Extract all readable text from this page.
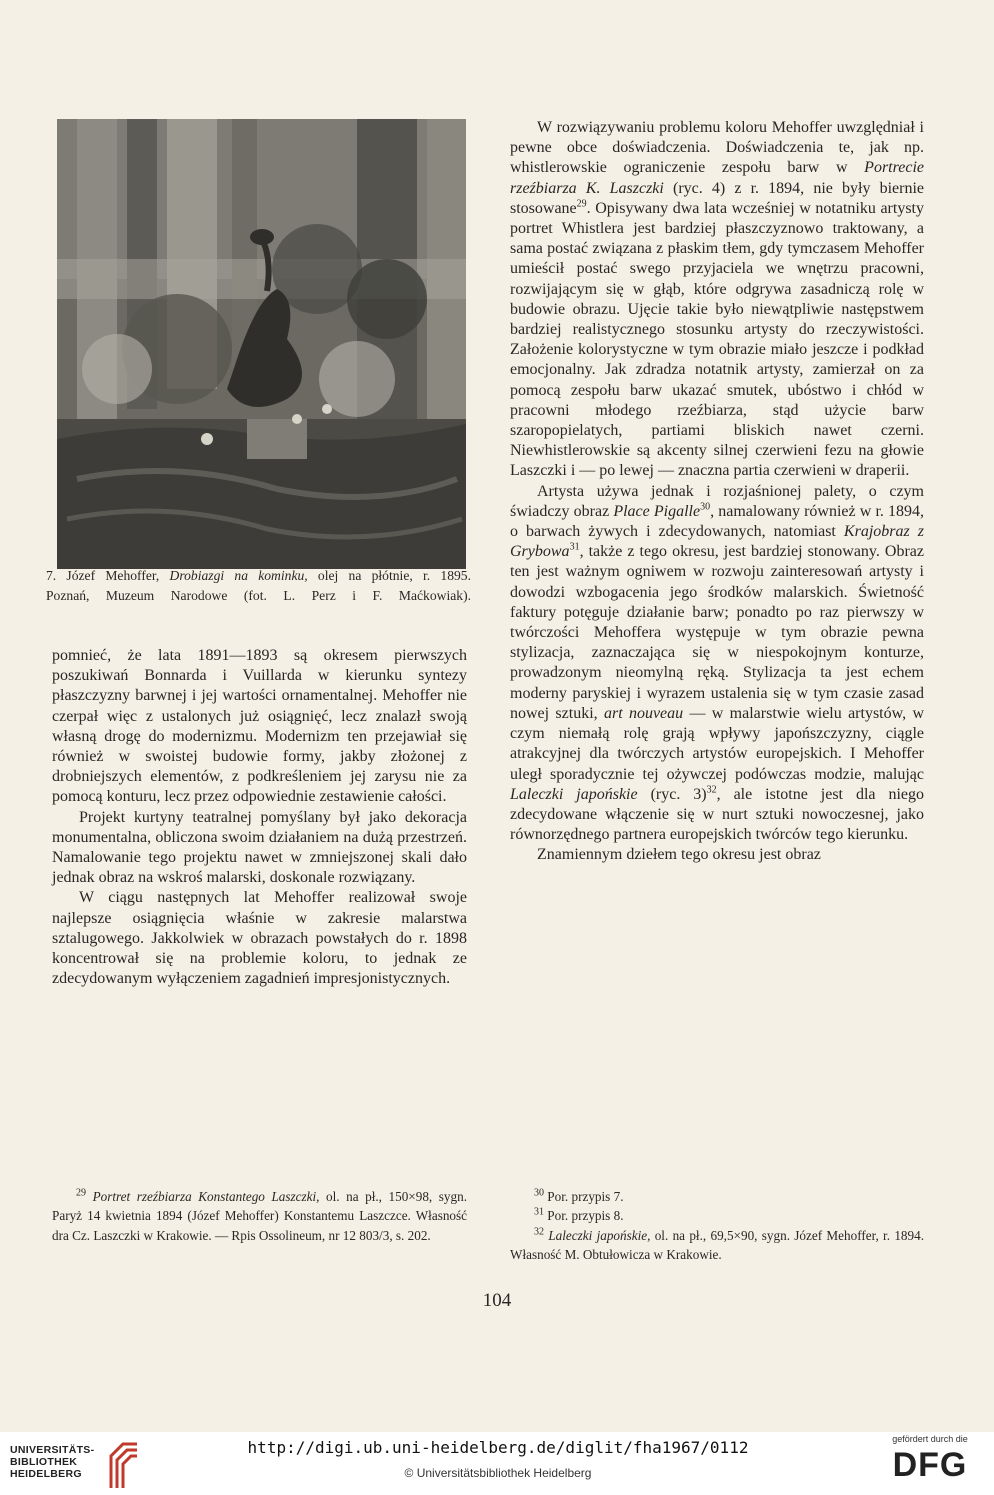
7. Józef Mehoffer, Drobiazgi na kominku, olej na płótnie, r. 1895.
Poznań, Muzeum Narodowe (fot. L. Perz i F. Maćkowiak).

pomnieć, że lata 1891—1893 są okresem pierwszych poszukiwań Bonnarda i Vuillarda w kierunku syntezy płaszczyzny barwnej i jej wartości ornamentalnej. Mehoffer nie czerpał więc z ustalonych już osiągnięć, lecz znalazł swoją własną drogę do modernizmu. Modernizm ten przejawiał się również w swoistej budowie formy, jakby złożonej z drobniejszych elementów, z podkreśleniem jej zarysu nie za pomocą konturu, lecz przez odpowiednie zestawienie całości.

Projekt kurtyny teatralnej pomyślany był jako dekoracja monumentalna, obliczona swoim działaniem na dużą przestrzeń. Namalowanie tego projektu nawet w zmniejszonej skali dało jednak obraz na wskroś malarski, doskonale rozwiązany.

W ciągu następnych lat Mehoffer realizował swoje najlepsze osiągnięcia właśnie w zakresie malarstwa sztalugowego. Jakkolwiek w obrazach powstałych do r. 1898 koncentrował się na problemie koloru, to jednak ze zdecydowanym wyłączeniem zagadnień impresjonistycznych.

W rozwiązywaniu problemu koloru Mehoffer uwzględniał i pewne obce doświadczenia. Doświadczenia te, jak np. whistlerowskie ograniczenie zespołu barw w Portrecie rzeźbiarza K. Laszczki (ryc. 4) z r. 1894, nie były biernie stosowane$^{29}$. Opisywany dwa lata wcześniej w notatniku artysty portret Whistlera jest bardziej płaszczyznowo traktowany, a sama postać związana z płaskim tłem, gdy tymczasem Mehoffer umieścił postać swego przyjaciela we wnętrzu pracowni, rozwijającym się w głąb, które odgrywa zasadniczą rolę w budowie obrazu. Ujęcie takie było niewątpliwie następstwem bardziej realistycznego stosunku artysty do rzeczywistości. Założenie kolorystyczne w tym obrazie miało jeszcze i podkład emocjonalny. Jak zdradza notatnik artysty, zamierzał on za pomocą zespołu barw ukazać smutek, ubóstwo i chłód w pracowni młodego rzeźbiarza, stąd użycie barw szaropopielatych, partiami bliskich nawet czerni. Niewhistlerowskie są akcenty silnej czerwieni fezu na głowie Laszczki i — po lewej — znaczna partia czerwieni w draperii.

Artysta używa jednak i rozjaśnionej palety, o czym świadczy obraz Place Pigalle$^{30}$, namalowany również w r. 1894, o barwach żywych i zdecydowanych, natomiast Krajobraz z Grybowa$^{31}$, także z tego okresu, jest bardziej stonowany. Obraz ten jest ważnym ogniwem w rozwoju zainteresowań artysty i dowodzi wzbogacenia jego środków malarskich. Świetność faktury potęguje działanie barw; ponadto po raz pierwszy w twórczości Mehoffera występuje w tym obrazie pewna stylizacja, zaznaczająca się w niespokojnym konturze, prowadzonym nieomylną ręką. Stylizacja ta jest echem moderny paryskiej i wyrazem ustalenia się w tym czasie zasad nowej sztuki, art nouveau — w malarstwie wielu artystów, w czym niemałą rolę grają wpływy japońszczyzny, ciągle atrakcyjnej dla twórczych artystów europejskich. I Mehoffer uległ sporadycznie tej ożywczej podówczas modzie, malując Laleczki japońskie (ryc. 3)$^{32}$, ale istotne jest dla niego zdecydowane włączenie się w nurt sztuki nowoczesnej, jako równorzędnego partnera europejskich twórców tego kierunku.

Znamiennym dziełem tego okresu jest obraz

$^{29}$ Portret rzeźbiarza Konstantego Laszczki, ol. na pł., 150×98, sygn. Paryż 14 kwietnia 1894 (Józef Mehoffer) Konstantemu Laszczce. Własność dra Cz. Laszczki w Krakowie. — Rpis Ossolineum, nr 12 803/3, s. 202.

$^{30}$ Por. przypis 7.

$^{31}$ Por. przypis 8.

$^{32}$ Laleczki japońskie, ol. na pł., 69,5×90, sygn. Józef Mehoffer, r. 1894. Własność M. Obtułowicza w Krakowie.

104
UNIVERSITÄTS-
BIBLIOTHEK
HEIDELBERG
http://digi.ub.uni-heidelberg.de/diglit/fha1967/0112
© Universitätsbibliothek Heidelberg
gefördert durch die
DFG
